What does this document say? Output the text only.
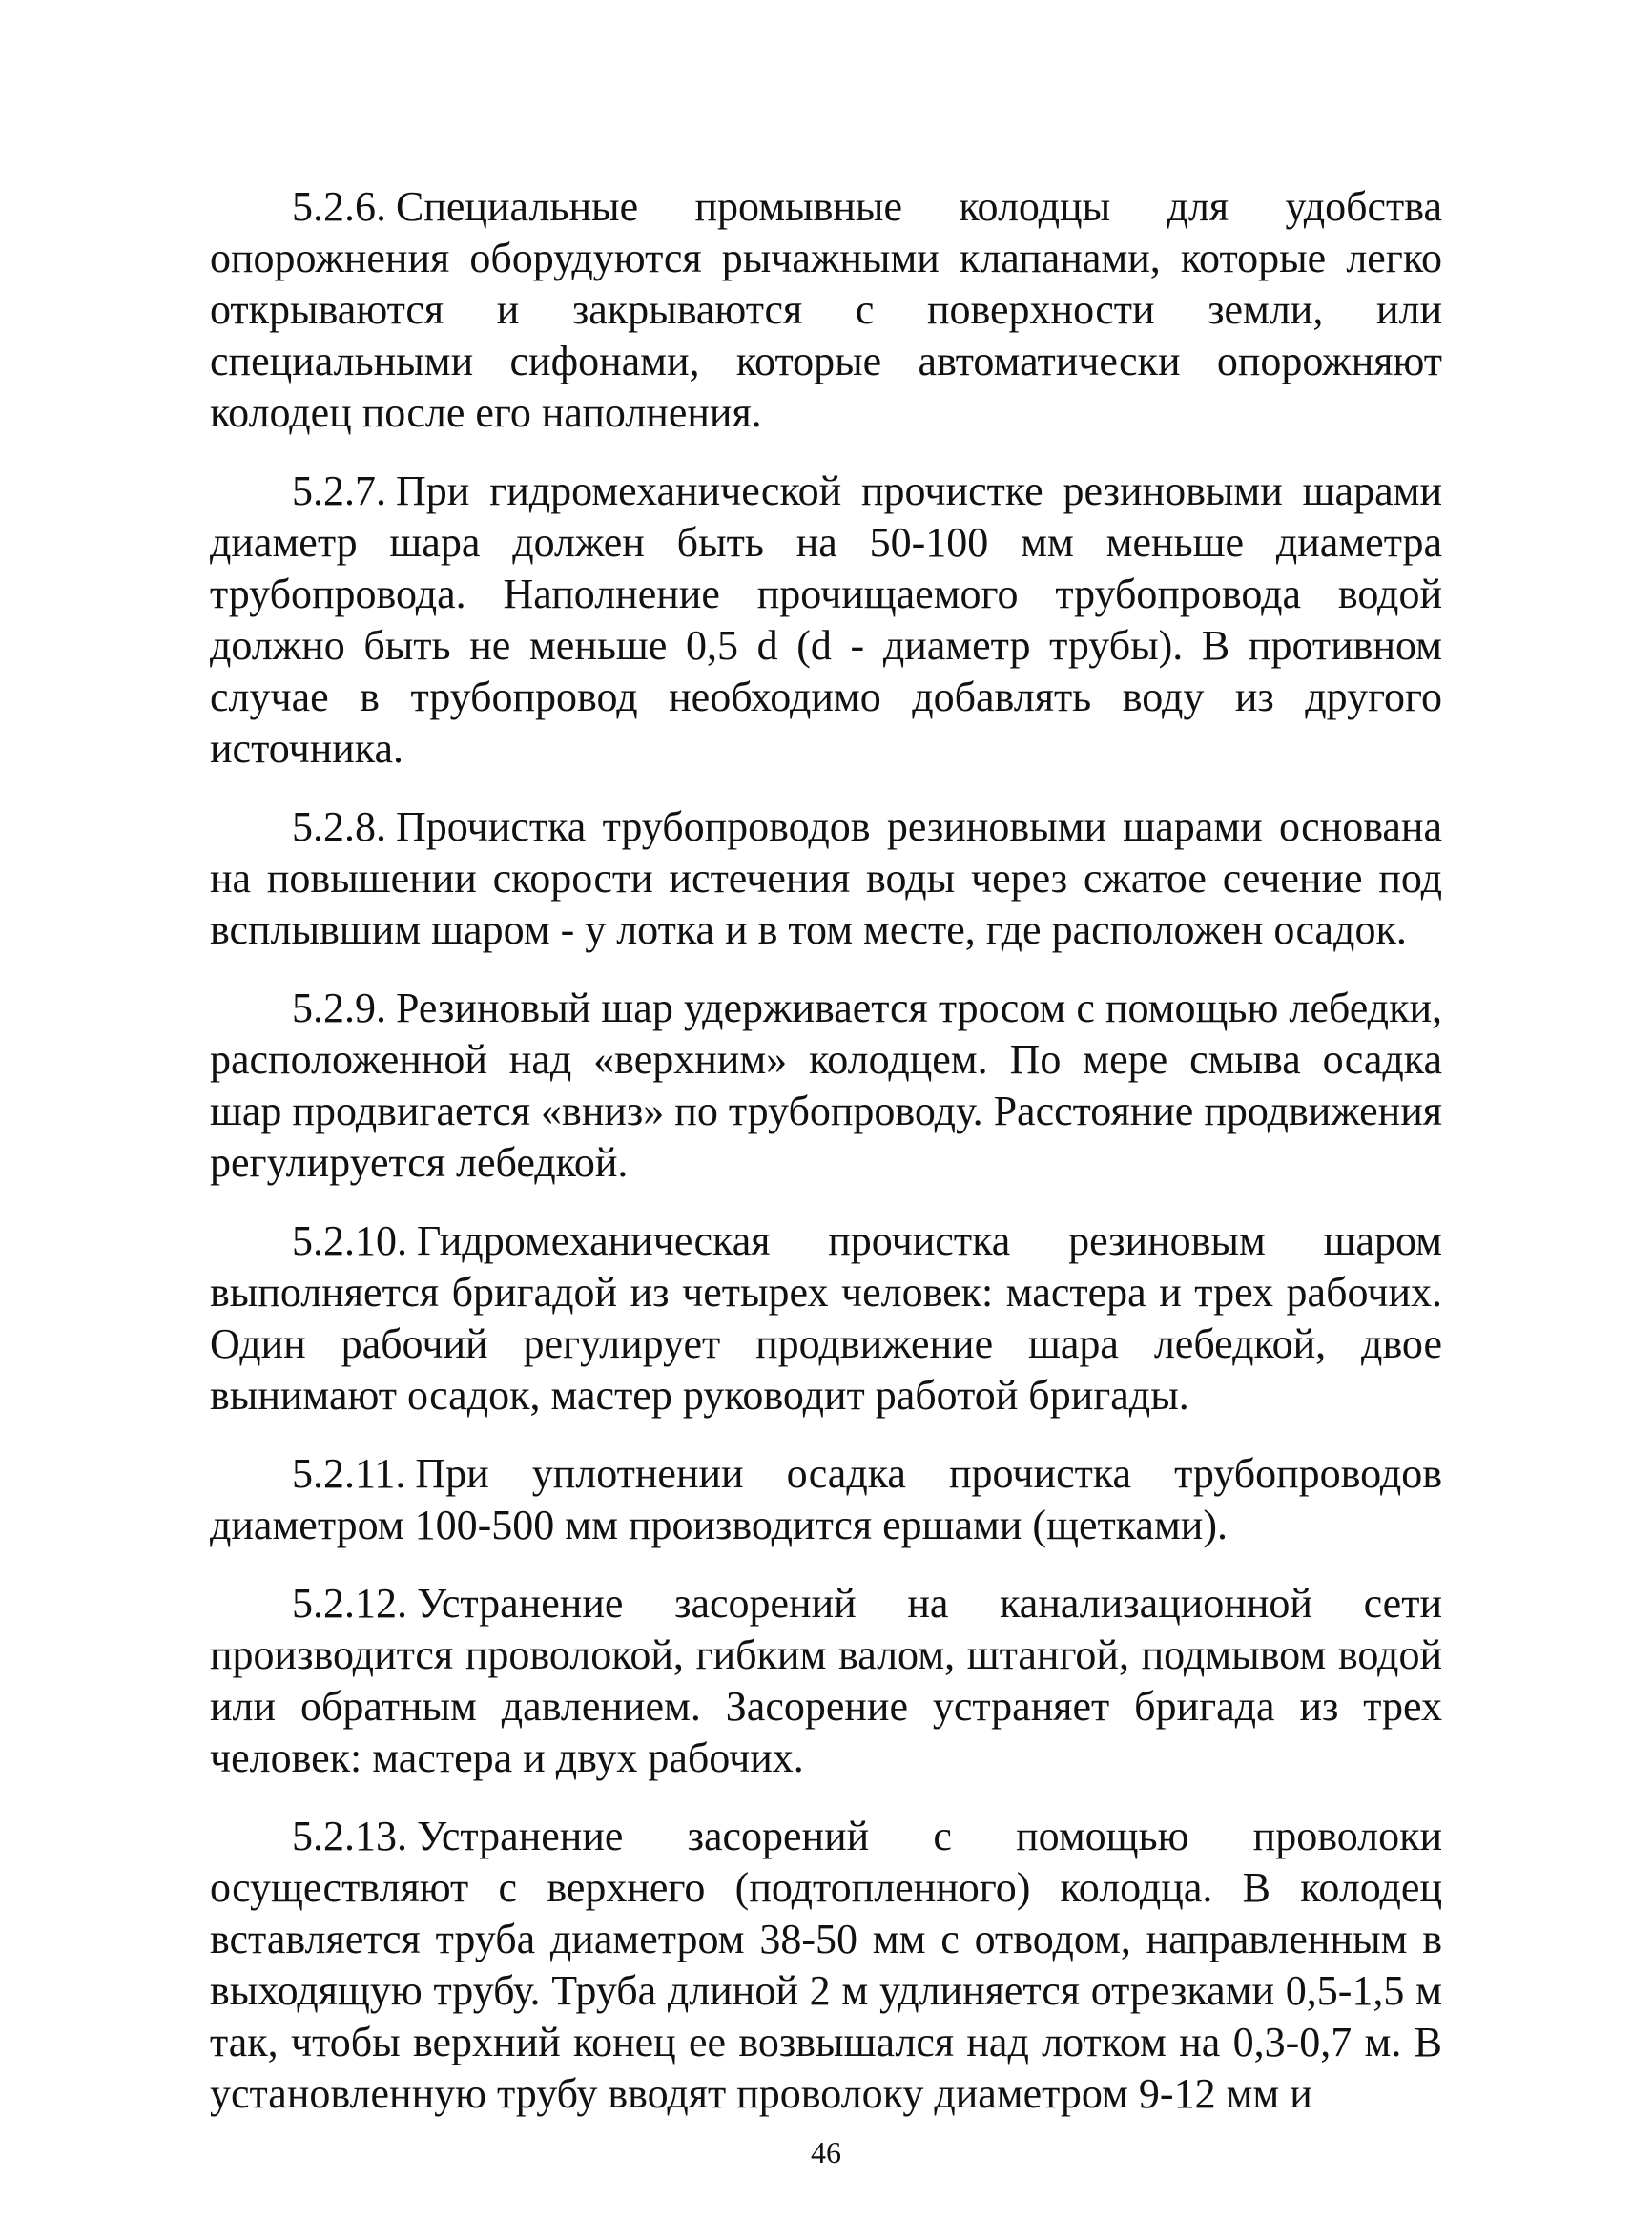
5.2.6. Специальные промывные колодцы для удобства опорожнения оборудуются рычажными клапанами, которые легко открываются и закрываются с поверхности земли, или специальными сифонами, которые автоматически опорожняют колодец после его наполнения.

5.2.7. При гидромеханической прочистке резиновыми шарами диаметр шара должен быть на 50-100 мм меньше диаметра трубопровода. Наполнение прочищаемого трубопровода водой должно быть не меньше 0,5 d (d - диаметр трубы). В противном случае в трубопровод необходимо добавлять воду из другого источника.

5.2.8. Прочистка трубопроводов резиновыми шарами основана на повышении скорости истечения воды через сжатое сечение под всплывшим шаром - у лотка и в том месте, где расположен осадок.

5.2.9. Резиновый шар удерживается тросом с помощью лебедки, расположенной над «верхним» колодцем. По мере смыва осадка шар продвигается «вниз» по трубопроводу. Расстояние продвижения регулируется лебедкой.

5.2.10. Гидромеханическая прочистка резиновым шаром выполняется бригадой из четырех человек: мастера и трех рабочих. Один рабочий регулирует продвижение шара лебедкой, двое вынимают осадок, мастер руководит работой бригады.

5.2.11. При уплотнении осадка прочистка трубопроводов диаметром 100-500 мм производится ершами (щетками).

5.2.12. Устранение засорений на канализационной сети производится проволокой, гибким валом, штангой, подмывом водой или обратным давлением. Засорение устраняет бригада из трех человек: мастера и двух рабочих.

5.2.13. Устранение засорений с помощью проволоки осуществляют с верхнего (подтопленного) колодца. В колодец вставляется труба диаметром 38-50 мм с отводом, направленным в выходящую трубу. Труба длиной 2 м удлиняется отрезками 0,5-1,5 м так, чтобы верхний конец ее возвышался над лотком на 0,3-0,7 м. В установленную трубу вводят проволоку диаметром 9-12 мм и

46
